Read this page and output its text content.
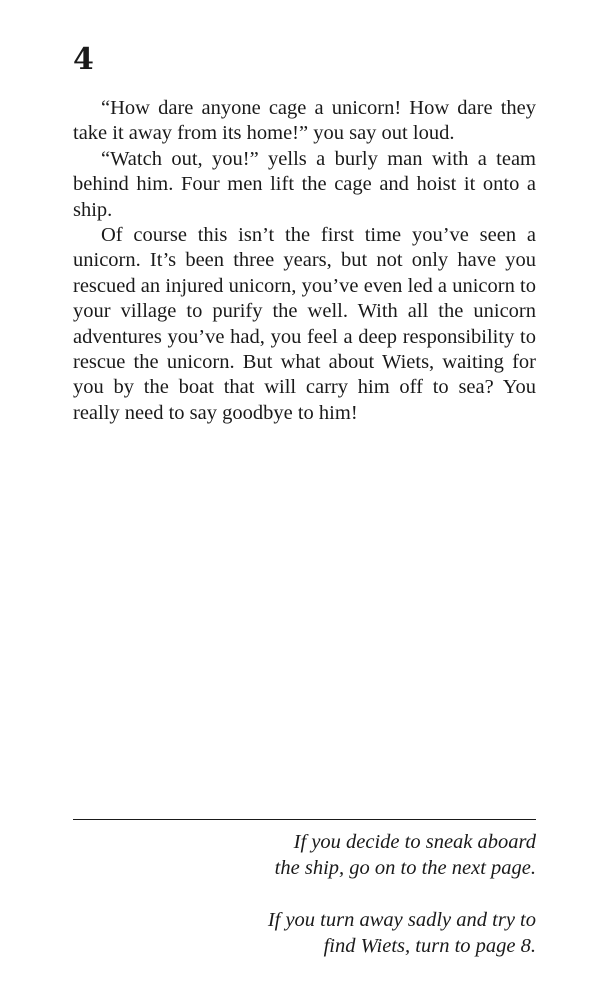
4

“How dare anyone cage a unicorn! How dare they take it away from its home!” you say out loud.

“Watch out, you!” yells a burly man with a team behind him. Four men lift the cage and hoist it onto a ship.

Of course this isn’t the first time you’ve seen a unicorn. It’s been three years, but not only have you rescued an injured unicorn, you’ve even led a unicorn to your village to purify the well. With all the unicorn adventures you’ve had, you feel a deep responsibility to rescue the unicorn. But what about Wiets, waiting for you by the boat that will carry him off to sea? You really need to say goodbye to him!

If you decide to sneak aboard
the ship, go on to the next page.
If you turn away sadly and try to
find Wiets, turn to page 8.
